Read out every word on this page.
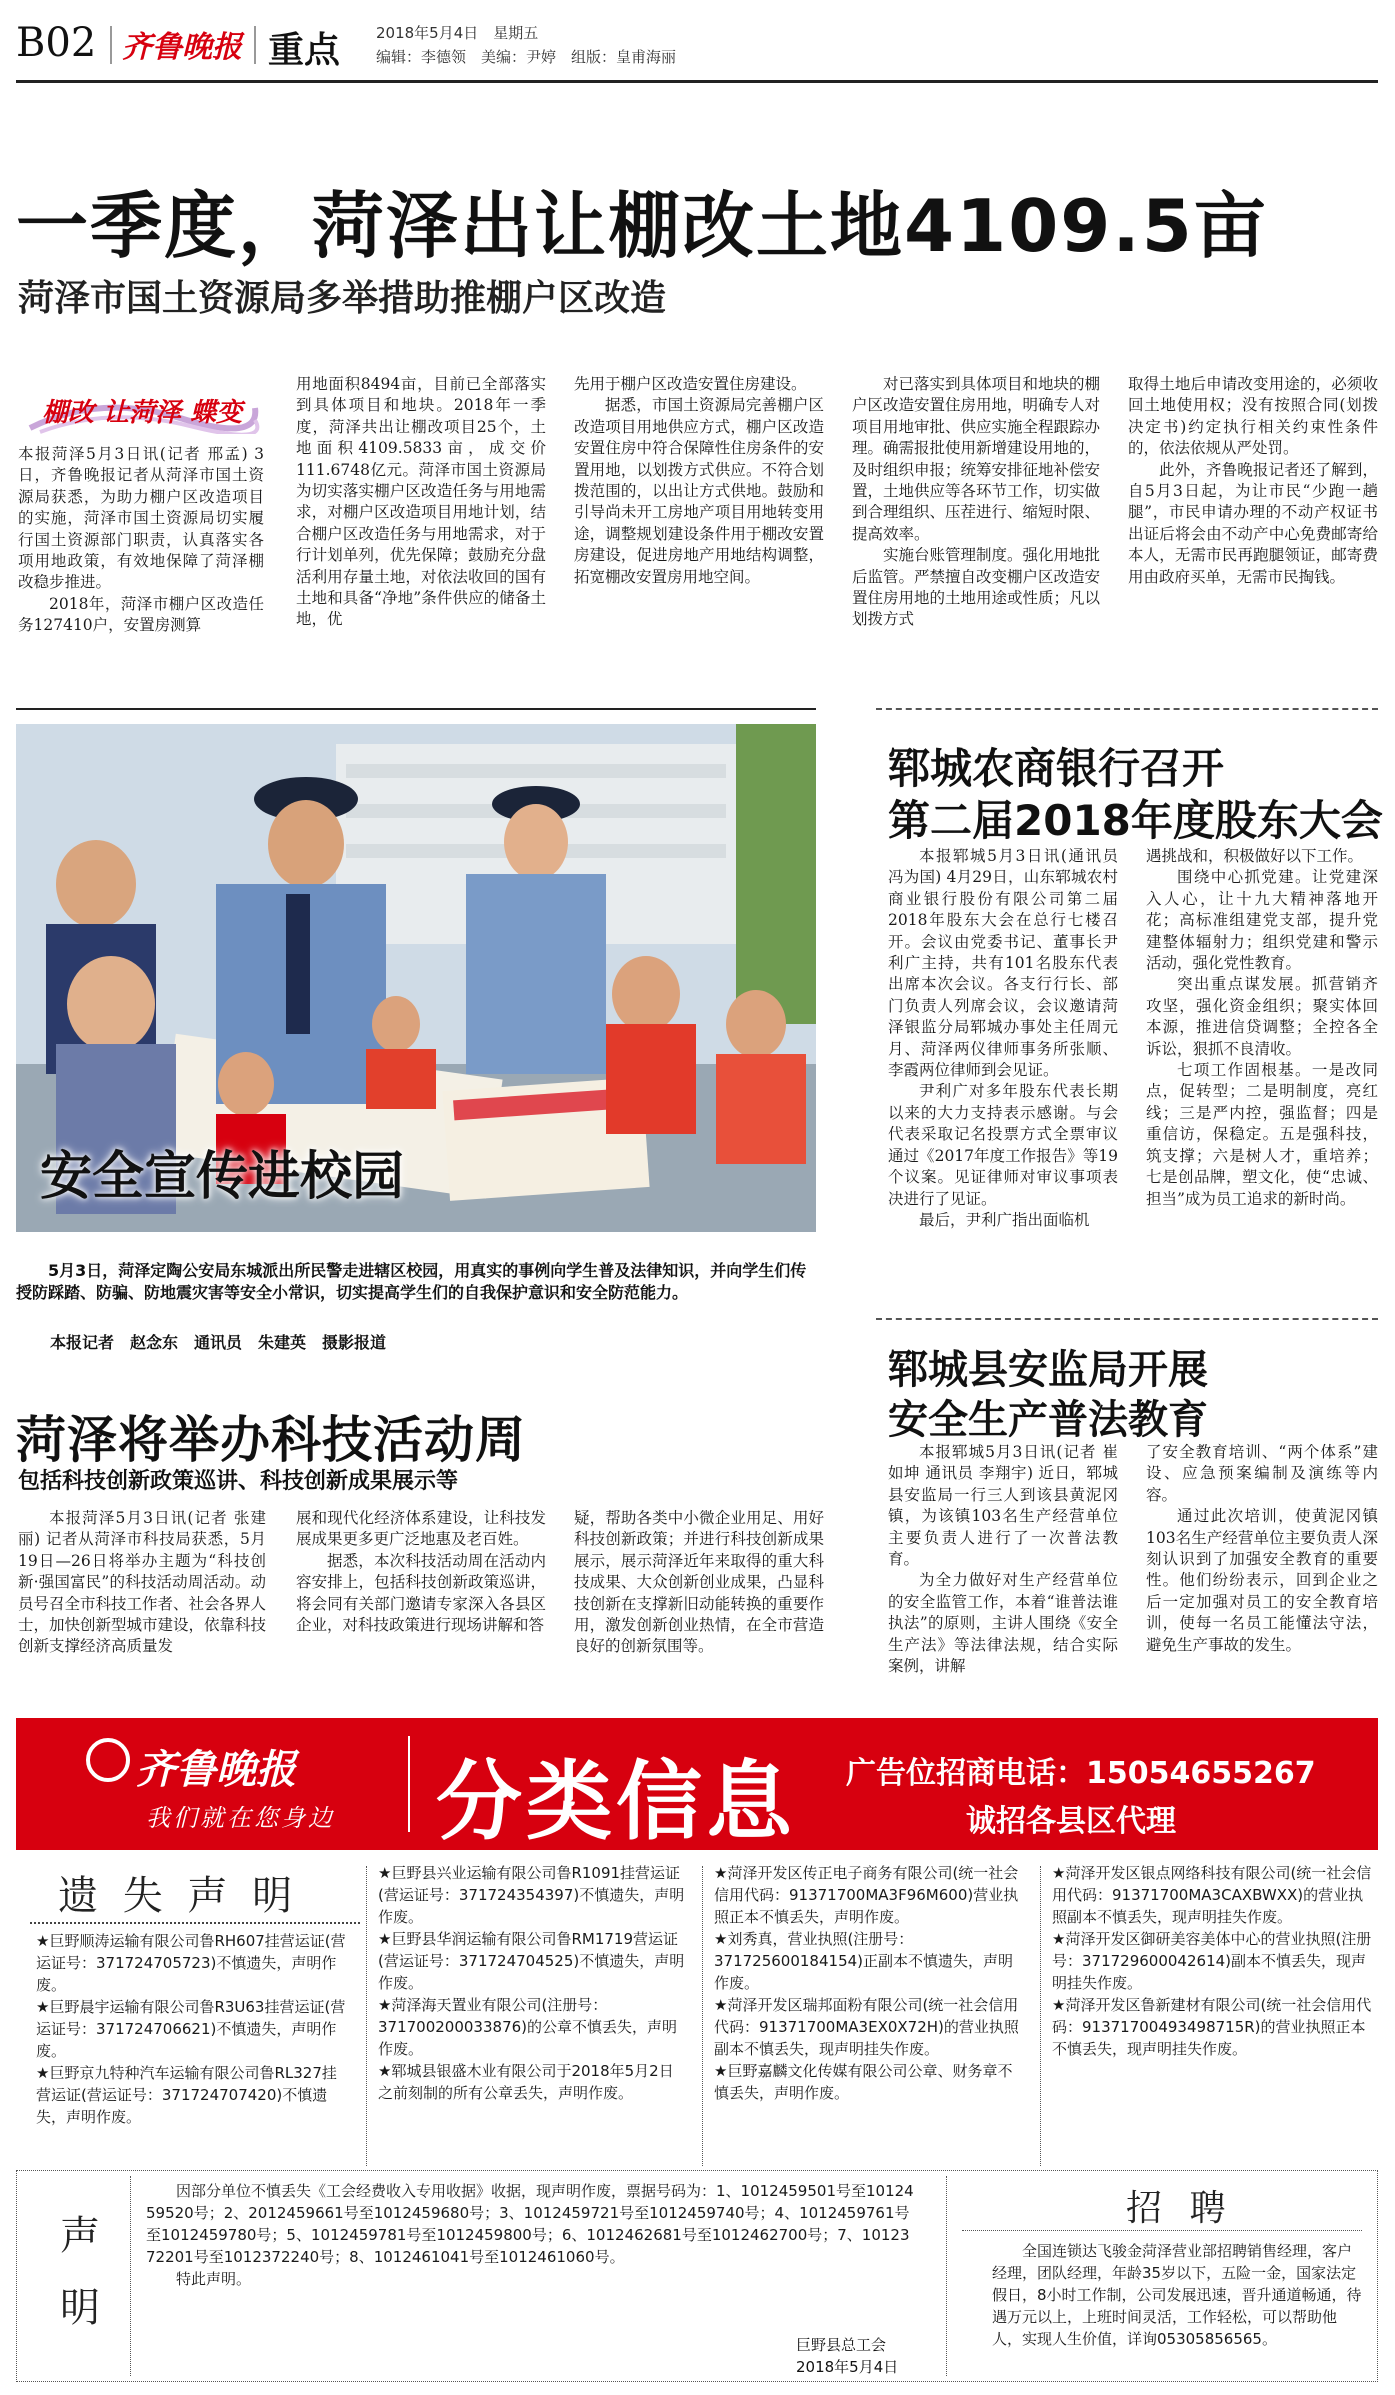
B02 齐鲁晚报 重点 2018年5月4日　星期五
编辑：李德领　美编：尹婷　组版：皇甫海丽
一季度，菏泽出让棚改土地4109.5亩
菏泽市国土资源局多举措助推棚户区改造
棚改 让菏泽 蝶变

本报菏泽5月3日讯(记者 邢孟) 3日，齐鲁晚报记者从菏泽市国土资源局获悉，为助力棚户区改造项目的实施，菏泽市国土资源局切实履行国土资源部门职责，认真落实各项用地政策，有效地保障了菏泽棚改稳步推进。

2018年，菏泽市棚户区改造任务127410户，安置房测算

用地面积8494亩，目前已全部落实到具体项目和地块。2018年一季度，菏泽共出让棚改项目25个，土地面积4109.5833亩，成交价111.6748亿元。菏泽市国土资源局为切实落实棚户区改造任务与用地需求，对棚户区改造项目用地计划，结合棚户区改造任务与用地需求，对于行计划单列，优先保障；鼓励充分盘活利用存量土地，对依法收回的国有土地和具备“净地”条件供应的储备土地，优

先用于棚户区改造安置住房建设。

据悉，市国土资源局完善棚户区改造项目用地供应方式，棚户区改造安置住房中符合保障性住房条件的安置用地，以划拨方式供应。不符合划拨范围的，以出让方式供地。鼓励和引导尚未开工房地产项目用地转变用途，调整规划建设条件用于棚改安置房建设，促进房地产用地结构调整，拓宽棚改安置房用地空间。

对已落实到具体项目和地块的棚户区改造安置住房用地，明确专人对项目用地审批、供应实施全程跟踪办理。确需报批使用新增建设用地的，及时组织申报；统筹安排征地补偿安置，土地供应等各环节工作，切实做到合理组织、压茬进行、缩短时限、提高效率。

实施台账管理制度。强化用地批后监管。严禁擅自改变棚户区改造安置住房用地的土地用途或性质；凡以划拨方式

取得土地后申请改变用途的，必须收回土地使用权；没有按照合同(划拨决定书)约定执行相关约束性条件的，依法依规从严处罚。

此外，齐鲁晚报记者还了解到，自5月3日起，为让市民“少跑一趟腿”，市民申请办理的不动产权证书出证后将会由不动产中心免费邮寄给本人，无需市民再跑腿领证，邮寄费用由政府买单，无需市民掏钱。

安全宣传进校园
5月3日，菏泽定陶公安局东城派出所民警走进辖区校园，用真实的事例向学生普及法律知识，并向学生们传授防踩踏、防骗、防地震灾害等安全小常识，切实提高学生们的自我保护意识和安全防范能力。
本报记者　赵念东　通讯员　朱建英　摄影报道
菏泽将举办科技活动周
包括科技创新政策巡讲、科技创新成果展示等

本报菏泽5月3日讯(记者 张建丽) 记者从菏泽市科技局获悉，5月19日—26日将举办主题为“科技创新·强国富民”的科技活动周活动。动员号召全市科技工作者、社会各界人士，加快创新型城市建设，依靠科技创新支撑经济高质量发

展和现代化经济体系建设，让科技发展成果更多更广泛地惠及老百姓。

据悉，本次科技活动周在活动内容安排上，包括科技创新政策巡讲，将会同有关部门邀请专家深入各县区企业，对科技政策进行现场讲解和答

疑，帮助各类中小微企业用足、用好科技创新政策；并进行科技创新成果展示，展示菏泽近年来取得的重大科技成果、大众创新创业成果，凸显科技创新在支撑新旧动能转换的重要作用，激发创新创业热情，在全市营造良好的创新氛围等。

郓城农商银行召开
第二届2018年度股东大会

本报郓城5月3日讯(通讯员 冯为国) 4月29日，山东郓城农村商业银行股份有限公司第二届2018年股东大会在总行七楼召开。会议由党委书记、董事长尹利广主持，共有101名股东代表出席本次会议。各支行行长、部门负责人列席会议，会议邀请菏泽银监分局郓城办事处主任周元月、菏泽两仪律师事务所张顺、李霞两位律师到会见证。

尹利广对多年股东代表长期以来的大力支持表示感谢。与会代表采取记名投票方式全票审议通过《2017年度工作报告》等19个议案。见证律师对审议事项表决进行了见证。

最后，尹利广指出面临机

遇挑战和，积极做好以下工作。

围绕中心抓党建。让党建深入人心，让十九大精神落地开花；高标准组建党支部，提升党建整体辐射力；组织党建和警示活动，强化党性教育。

突出重点谋发展。抓营销齐攻坚，强化资金组织；聚实体回本源，推进信贷调整；全控各全诉讼，狠抓不良清收。

七项工作固根基。一是改同点，促转型；二是明制度，亮红线；三是严内控，强监督；四是重信访，保稳定。五是强科技，筑支撑；六是树人才，重培养；七是创品牌，塑文化，使“忠诚、担当”成为员工追求的新时尚。

郓城县安监局开展
安全生产普法教育

本报郓城5月3日讯(记者 崔如坤 通讯员 李翔宇) 近日，郓城县安监局一行三人到该县黄泥冈镇，为该镇103名生产经营单位主要负责人进行了一次普法教育。

为全力做好对生产经营单位的安全监管工作，本着“谁普法谁执法”的原则，主讲人围绕《安全生产法》等法律法规，结合实际案例，讲解

了安全教育培训、“两个体系”建设、应急预案编制及演练等内容。

通过此次培训，使黄泥冈镇103名生产经营单位主要负责人深刻认识到了加强安全教育的重要性。他们纷纷表示，回到企业之后一定加强对员工的安全教育培训，使每一名员工能懂法守法，避免生产事故的发生。

齐鲁晚报
我们就在您身边 分类信息 广告位招商电话：15054655267
诚招各县区代理
遗 失 声 明

★巨野顺涛运输有限公司鲁RH607挂营运证(营运证号：371724705723)不慎遗失，声明作废。

★巨野晨宇运输有限公司鲁R3U63挂营运证(营运证号：371724706621)不慎遗失，声明作废。

★巨野京九特种汽车运输有限公司鲁RL327挂营运证(营运证号：371724707420)不慎遗失，声明作废。

★巨野县兴业运输有限公司鲁R1091挂营运证(营运证号：371724354397)不慎遗失，声明作废。

★巨野县华润运输有限公司鲁RM1719营运证(营运证号：371724704525)不慎遗失，声明作废。

★菏泽海天置业有限公司(注册号：371700200033876)的公章不慎丢失，声明作废。

★郓城县银盛木业有限公司于2018年5月2日之前刻制的所有公章丢失，声明作废。

★菏泽开发区传正电子商务有限公司(统一社会信用代码：91371700MA3F96M600)营业执照正本不慎丢失，声明作废。

★刘秀真，营业执照(注册号：371725600184154)正副本不慎遗失，声明作废。

★菏泽开发区瑞邦面粉有限公司(统一社会信用代码：91371700MA3EX0X72H)的营业执照副本不慎丢失，现声明挂失作废。

★巨野嘉麟文化传媒有限公司公章、财务章不慎丢失，声明作废。

★菏泽开发区银点网络科技有限公司(统一社会信用代码：91371700MA3CAXBWXX)的营业执照副本不慎丢失，现声明挂失作废。

★菏泽开发区御研美容美体中心的营业执照(注册号：371729600042614)副本不慎丢失，现声明挂失作废。

★菏泽开发区鲁新建材有限公司(统一社会信用代码：91371700493498715R)的营业执照正本不慎丢失，现声明挂失作废。

声 明

因部分单位不慎丢失《工会经费收入专用收据》收据，现声明作废，票据号码为：1、1012459501号至1012459520号；2、2012459661号至1012459680号；3、1012459721号至1012459740号；4、1012459761号至1012459780号；5、1012459781号至1012459800号；6、1012462681号至1012462700号；7、1012372201号至1012372240号；8、1012461041号至1012461060号。

特此声明。

巨野县总工会
2018年5月4日
招 聘

全国连锁达飞骏金菏泽营业部招聘销售经理，客户经理，团队经理，年龄35岁以下，五险一金，国家法定假日，8小时工作制，公司发展迅速，晋升通道畅通，待遇万元以上，上班时间灵活，工作轻松，可以帮助他人，实现人生价值，详询05305856565。
